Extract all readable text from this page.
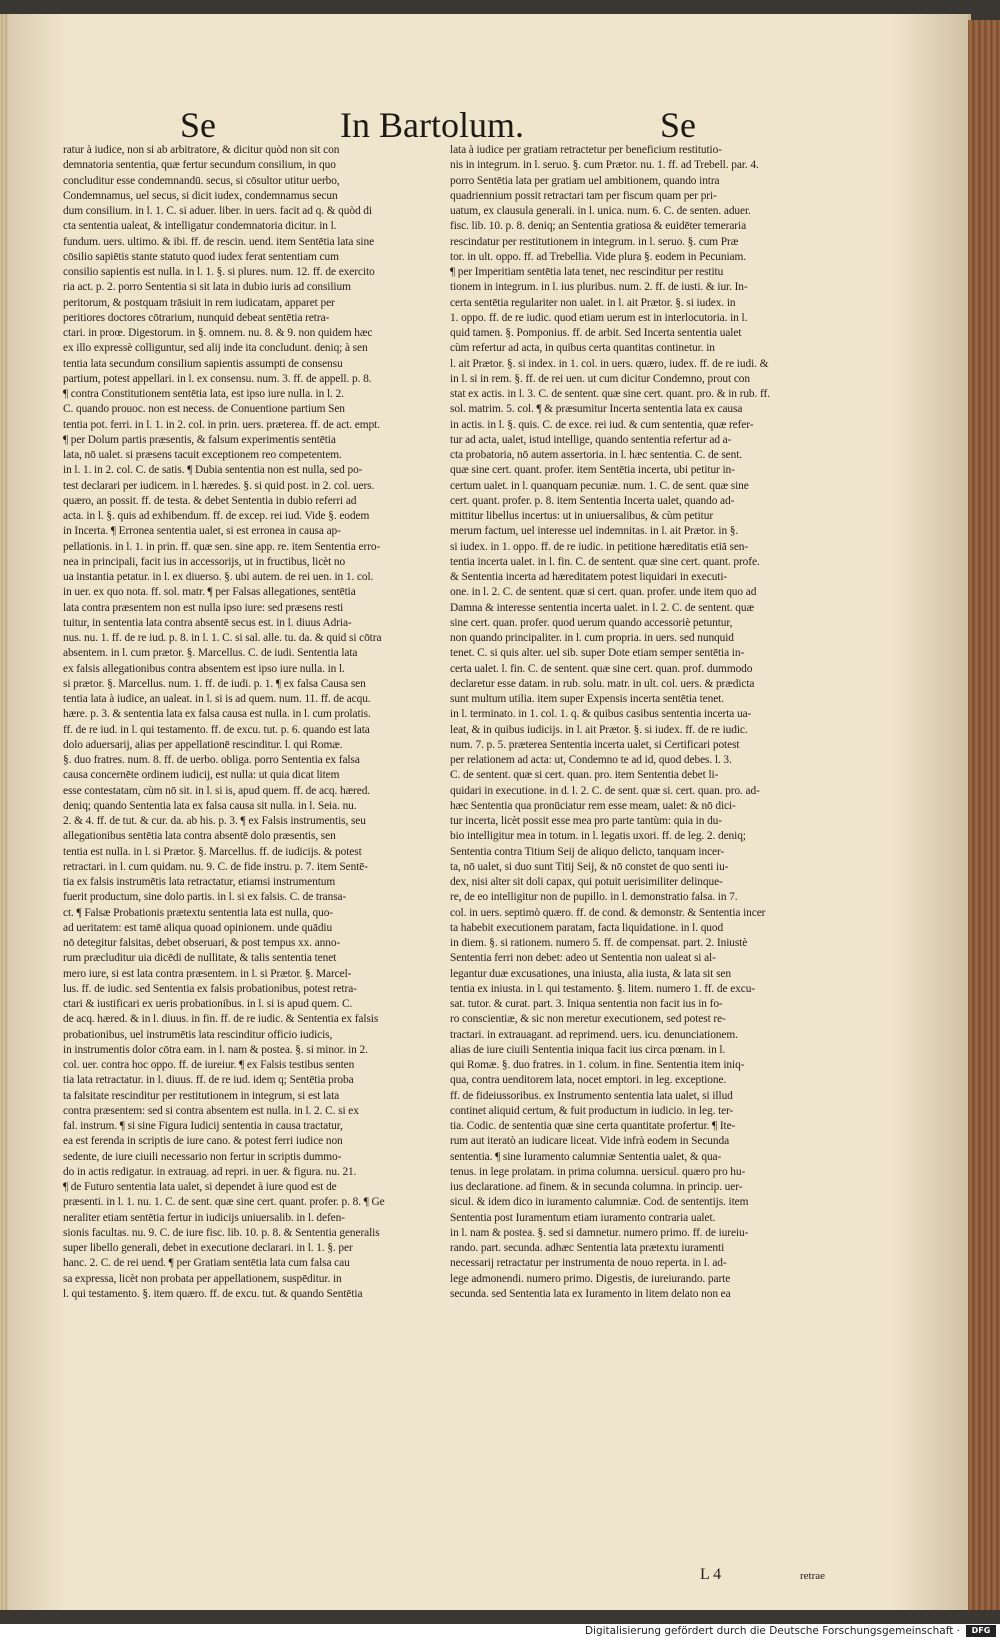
Se	In Bartolum.	Se
ratur à iudice, non si ab arbitratore, & dicitur quòd non sit con
demnatoria sententia, quæ fertur secundum consilium, in quo
concluditur esse condemnandū. secus, si cōsultor utitur uerbo,
Condemnamus, uel secus, si dicit iudex, condemnamus secun
dum consilium. in l. 1. C. si aduer. liber. in uers. facit ad q. & quòd di
cta sententia ualeat, & intelligatur condemnatoria dicitur. in l.
fundum. uers. ultimo. & ibi. ff. de rescin. uend. item Sentētia lata sine
cōsilio sapiētis stante statuto quod iudex ferat sententiam cum
consilio sapientis est nulla. in l. 1. §. si plures. num. 12. ff. de exercito
ria act. p. 2. porro Sententia si sit lata in dubio iuris ad consilium
peritorum, & postquam trāsiuit in rem iudicatam, apparet per
peritiores doctores cōtrarium, nunquid debeat sentētia retra-
ctari. in proœ. Digestorum. in §. omnem. nu. 8. & 9. non quidem hæc
ex illo expressè colliguntur, sed alij inde ita concludunt. deniq; à sen
tentia lata secundum consilium sapientis assumpti de consensu
partium, potest appellari. in l. ex consensu. num. 3. ff. de appell. p. 8.
¶ contra Constitutionem sentētia lata, est ipso iure nulla. in l. 2.
C. quando prouoc. non est necess. de Conuentione partium Sen
tentia pot. ferri. in l. 1. in 2. col. in prin. uers. præterea. ff. de act. empt.
¶ per Dolum partis præsentis, & falsum experimentis sentētia
lata, nō ualet. si præsens tacuit exceptionem reo competentem.
in l. 1. in 2. col. C. de satis. ¶ Dubia sententia non est nulla, sed po-
test declarari per iudicem. in l. hæredes. §. si quid post. in 2. col. uers.
quæro, an possit. ff. de testa. & debet Sententia in dubio referri ad
acta. in l. §. quis ad exhibendum. ff. de excep. rei iud. Vide §. eodem
in Incerta. ¶ Erronea sententia ualet, si est erronea in causa ap-
pellationis. in l. 1. in prin. ff. quæ sen. sine app. re. item Sententia erro-
nea in principali, facit ius in accessorijs, ut in fructibus, licèt no
ua instantia petatur. in l. ex diuerso. §. ubi autem. de rei uen. in 1. col.
in uer. ex quo nota. ff. sol. matr. ¶ per Falsas allegationes, sentētia
lata contra præsentem non est nulla ipso iure: sed præsens resti
tuitur, in sententia lata contra absentē secus est. in l. diuus Adria-
nus. nu. 1. ff. de re iud. p. 8. in l. 1. C. si sal. alle. tu. da. & quid si cōtra
absentem. in l. cum prætor. §. Marcellus. C. de iudi. Sententia lata
ex falsis allegationibus contra absentem est ipso iure nulla. in l.
si prætor. §. Marcellus. num. 1. ff. de iudi. p. 1. ¶ ex falsa Causa sen
tentia lata à iudice, an ualeat. in l. si is ad quem. num. 11. ff. de acqu.
hære. p. 3. & sententia lata ex falsa causa est nulla. in l. cum prolatis.
ff. de re iud. in l. qui testamento. ff. de excu. tut. p. 6. quando est lata
dolo aduersarij, alias per appellationē rescinditur. l. qui Romæ.
§. duo fratres. num. 8. ff. de uerbo. obliga. porro Sententia ex falsa
causa concernēte ordinem iudicij, est nulla: ut quia dicat litem
esse contestatam, cùm nō sit. in l. si is, apud quem. ff. de acq. hæred.
deniq; quando Sententia lata ex falsa causa sit nulla. in l. Seia. nu.
2. & 4. ff. de tut. & cur. da. ab his. p. 3. ¶ ex Falsis instrumentis, seu
allegationibus sentētia lata contra absentē dolo præsentis, sen
tentia est nulla. in l. si Prætor. §. Marcellus. ff. de iudicijs. & potest
retractari. in l. cum quidam. nu. 9. C. de fide instru. p. 7. item Sentē-
tia ex falsis instrumētis lata retractatur, etiamsi instrumentum
fuerit productum, sine dolo partis. in l. si ex falsis. C. de transa-
ct. ¶ Falsæ Probationis prætextu sententia lata est nulla, quo-
ad ueritatem: est tamē aliqua quoad opinionem. unde quādiu
nō detegitur falsitas, debet obseruari, & post tempus xx. anno-
rum præcluditur uia dicēdi de nullitate, & talis sententia tenet
mero iure, si est lata contra præsentem. in l. si Prætor. §. Marcel-
lus. ff. de iudic. sed Sententia ex falsis probationibus, potest retra-
ctari & iustificari ex ueris probationibus. in l. si is apud quem. C.
de acq. hæred. & in l. diuus. in fin. ff. de re iudic. & Sententia ex falsis
probationibus, uel instrumētis lata rescinditur officio iudicis,
in instrumentis dolor cōtra eam. in l. nam & postea. §. si minor. in 2.
col. uer. contra hoc oppo. ff. de iureiur. ¶ ex Falsis testibus senten
tia lata retractatur. in l. diuus. ff. de re iud. idem q; Sentētia proba
ta falsitate rescinditur per restitutionem in integrum, si est lata
contra præsentem: sed si contra absentem est nulla. in l. 2. C. si ex
fal. instrum. ¶ si sine Figura Iudicij sententia in causa tractatur,
ea est ferenda in scriptis de iure cano. & potest ferri iudice non
sedente, de iure ciuili necessario non fertur in scriptis dummo-
do in actis redigatur. in extrauag. ad repri. in uer. & figura. nu. 21.
¶ de Futuro sententia lata ualet, si dependet à iure quod est de
præsenti. in l. 1. nu. 1. C. de sent. quæ sine cert. quant. profer. p. 8. ¶ Ge
neraliter etiam sentētia fertur in iudicijs uniuersalib. in l. defen-
sionis facultas. nu. 9. C. de iure fisc. lib. 10. p. 8. & Sententia generalis
super libello generali, debet in executione declarari. in l. 1. §. per
hanc. 2. C. de rei uend. ¶ per Gratiam sentētia lata cum falsa cau
sa expressa, licèt non probata per appellationem, suspēditur. in
l. qui testamento. §. item quæro. ff. de excu. tut. & quando Sentētia
lata à iudice per gratiam retractetur per beneficium restitutio-
nis in integrum. in l. seruo. §. cum Prætor. nu. 1. ff. ad Trebell. par. 4.
porro Sentētia lata per gratiam uel ambitionem, quando intra
quadriennium possit retractari tam per fiscum quam per pri-
uatum, ex clausula generali. in l. unica. num. 6. C. de senten. aduer.
fisc. lib. 10. p. 8. deniq; an Sententia gratiosa & euidēter temeraria
rescindatur per restitutionem in integrum. in l. seruo. §. cum Præ
tor. in ult. oppo. ff. ad Trebellia. Vide plura §. eodem in Pecuniam.
¶ per Imperitiam sentētia lata tenet, nec rescinditur per restitu
tionem in integrum. in l. ius pluribus. num. 2. ff. de iusti. & iur. In-
certa sentētia regulariter non ualet. in l. ait Prætor. §. si iudex. in
1. oppo. ff. de re iudic. quod etiam uerum est in interlocutoria. in l.
quid tamen. §. Pomponius. ff. de arbit. Sed Incerta sententia ualet
cùm refertur ad acta, in quibus certa quantitas continetur. in
l. ait Prætor. §. si index. in 1. col. in uers. quæro, iudex. ff. de re iudi. &
in l. si in rem. §. ff. de rei uen. ut cum dicitur Condemno, prout con
stat ex actis. in l. 3. C. de sentent. quæ sine cert. quant. pro. & in rub. ff.
sol. matrim. 5. col. ¶ & præsumitur Incerta sententia lata ex causa
in actis. in l. §. quis. C. de exce. rei iud. & cum sententia, quæ refer-
tur ad acta, ualet, istud intellige, quando sententia refertur ad a-
cta probatoria, nō autem assertoria. in l. hæc sententia. C. de sent.
quæ sine cert. quant. profer. item Sentētia incerta, ubi petitur in-
certum ualet. in l. quanquam pecuniæ. num. 1. C. de sent. quæ sine
cert. quant. profer. p. 8. item Sententia Incerta ualet, quando ad-
mittitur libellus incertus: ut in uniuersalibus, & cùm petitur
merum factum, uel interesse uel indemnitas. in l. ait Prætor. in §.
si iudex. in 1. oppo. ff. de re iudic. in petitione hæreditatis etiā sen-
tentia incerta ualet. in l. fin. C. de sentent. quæ sine cert. quant. profe.
& Sententia incerta ad hæreditatem potest liquidari in executi-
one. in l. 2. C. de sentent. quæ si cert. quan. profer. unde item quo ad
Damna & interesse sententia incerta ualet. in l. 2. C. de sentent. quæ
sine cert. quan. profer. quod uerum quando accessoriè petuntur,
non quando principaliter. in l. cum propria. in uers. sed nunquid
tenet. C. si quis alter. uel sib. super Dote etiam semper sentētia in-
certa ualet. l. fin. C. de sentent. quæ sine cert. quan. prof. dummodo
declaretur esse datam. in rub. solu. matr. in ult. col. uers. & prædicta
sunt multum utilia. item super Expensis incerta sentētia tenet.
in l. terminato. in 1. col. 1. q. & quibus casibus sententia incerta ua-
leat, & in quibus iudicijs. in l. ait Prætor. §. si iudex. ff. de re iudic.
num. 7. p. 5. præterea Sententia incerta ualet, si Certificari potest
per relationem ad acta: ut, Condemno te ad id, quod debes. l. 3.
C. de sentent. quæ si cert. quan. pro. item Sententia debet li-
quidari in executione. in d. l. 2. C. de sent. quæ si. cert. quan. pro. ad-
hæc Sententia qua pronūciatur rem esse meam, ualet: & nō dici-
tur incerta, licèt possit esse mea pro parte tantùm: quia in du-
bio intelligitur mea in totum. in l. legatis uxori. ff. de leg. 2. deniq;
Sententia contra Titium Seij de aliquo delicto, tanquam incer-
ta, nō ualet, si duo sunt Titij Seij, & nō constet de quo senti iu-
dex, nisi alter sit doli capax, qui potuit uerisimiliter delinque-
re, de eo intelligitur non de pupillo. in l. demonstratio falsa. in 7.
col. in uers. septimò quæro. ff. de cond. & demonstr. & Sententia incer
ta habebit executionem paratam, facta liquidatione. in l. quod
in diem. §. si rationem. numero 5. ff. de compensat. part. 2. Iniustè
Sententia ferri non debet: adeo ut Sententia non ualeat si al-
legantur duæ excusationes, una iniusta, alia iusta, & lata sit sen
tentia ex iniusta. in l. qui testamento. §. litem. numero 1. ff. de excu-
sat. tutor. & curat. part. 3. Iniqua sententia non facit ius in fo-
ro conscientiæ, & sic non meretur executionem, sed potest re-
tractari. in extrauagant. ad reprimend. uers. icu. denunciationem.
alias de iure ciuili Sententia iniqua facit ius circa pœnam. in l.
qui Romæ. §. duo fratres. in 1. colum. in fine. Sententia item iniq-
qua, contra uenditorem lata, nocet emptori. in leg. exceptione.
ff. de fideiussoribus. ex Instrumento sententia lata ualet, si illud
continet aliquid certum, & fuit productum in iudicio. in leg. ter-
tia. Codic. de sententia quæ sine certa quantitate profertur. ¶ Ite-
rum aut iteratò an iudicare liceat. Vide infrà eodem in Secunda
sententia. ¶ sine Iuramento calumniæ Sententia ualet, & qua-
tenus. in lege prolatam. in prima columna. uersicul. quæro pro hu-
ius declaratione. ad finem. & in secunda columna. in princip. uer-
sicul. & idem dico in iuramento calumniæ. Cod. de sententijs. item
Sententia post Iuramentum etiam iuramento contraria ualet.
in l. nam & postea. §. sed si damnetur. numero primo. ff. de iureiu-
rando. part. secunda. adhæc Sententia lata prætextu iuramenti
necessarij retractatur per instrumenta de nouo reperta. in l. ad-
lege admonendi. numero primo. Digestis, de iureiurando. parte
secunda. sed Sententia lata ex Iuramento in litem delato non ea
L 4	retrae
Digitalisierung gefördert durch die Deutsche Forschungsgemeinschaft ·	DFG
